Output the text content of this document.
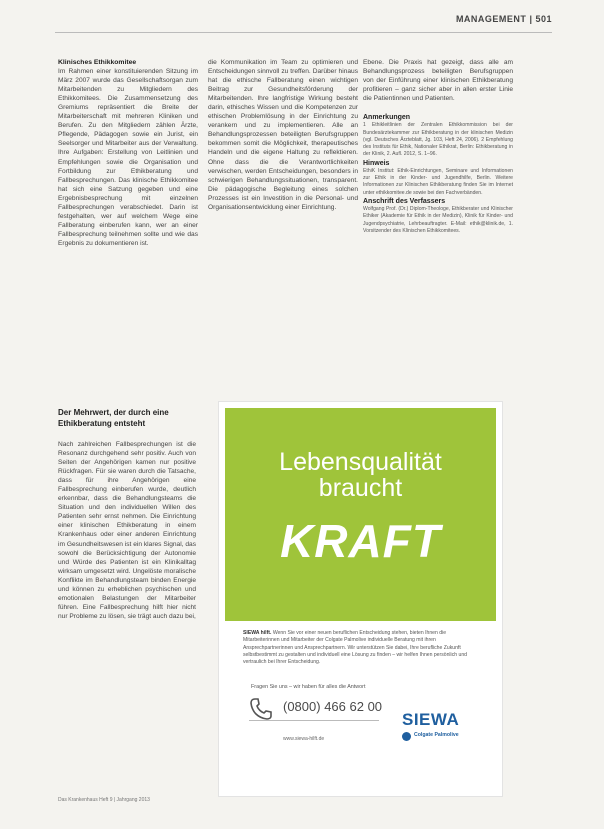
MANAGEMENT | 501

Klinisches Ethikkomitee

Im Rahmen einer konstituierenden Sitzung im März 2007 wurde das Gesellschaftsorgan zum Mitarbeitenden zu Mitgliedern des Ethikkomitees. Die Zusammensetzung des Gremiums repräsentiert die Breite der Mitarbeiterschaft mit mehreren Kliniken und Berufen. Zu den Mitgliedern zählen Ärzte, Pflegende, Pädagogen sowie ein Jurist, ein Seelsorger und Mitarbeiter aus der Verwaltung. Ihre Aufgaben: Erstellung von Leitlinien und Empfehlungen sowie die Organisation und Fortbildung zur Ethikberatung und Fallbesprechungen. Das klinische Ethikkomitee hat sich eine Satzung gegeben und eine Ergebnisbesprechung mit einzelnen Fallbesprechungen verabschiedet. Darin ist festgehalten, wer auf welchem Wege eine Fallberatung einberufen kann, wer an einer Fallbesprechung teilnehmen sollte und wie das Ergebnis zu dokumentieren ist.

die Kommunikation im Team zu optimieren und Entscheidungen sinnvoll zu treffen. Darüber hinaus hat die ethische Fallberatung einen wichtigen Beitrag zur Gesundheitsförderung der Mitarbeitenden. Ihre langfristige Wirkung besteht darin, ethisches Wissen und die Kompetenzen zur ethischen Problemlösung in der Einrichtung zu verankern und zu implementieren. Alle an Behandlungsprozessen beteiligten Berufsgruppen bekommen somit die Möglichkeit, therapeutisches Handeln und die eigene Haltung zu reflektieren. Ohne dass die die Verantwortlichkeiten verwischen, werden Entscheidungen, besonders in schwierigen Behandlungssituationen, transparent. Die pädagogische Begleitung eines solchen Prozesses ist ein Investition in die Personal- und Organisationsentwicklung einer Einrichtung.

Ebene. Die Praxis hat gezeigt, dass alle am Behandlungsprozess beteiligten Berufsgruppen von der Einführung einer klinischen Ethikberatung profitieren – ganz sicher aber in allen erster Linie die Patientinnen und Patienten.

Anmerkungen

1 Ethikleitlinien der Zentralen Ethikkommission bei der Bundesärztekammer zur Ethikberatung in der klinischen Medizin (vgl. Deutsches Ärzteblatt, Jg. 103, Heft 24, 2006). 2 Empfehlung des Instituts für Ethik, Nationaler Ethikrat, Berlin: Ethikberatung in der Klinik, 2. Aufl. 2012, S. 1–96.

Hinweis

EthiK Institut: Ethik-Einrichtungen, Seminare und Informationen zur Ethik in der Kinder- und Jugendhilfe, Berlin. Weitere Informationen zur Klinischen Ethikberatung finden Sie im Internet unter ethikkomitee.de sowie bei den Fachverbänden.

Anschrift des Verfassers

Wolfgang Prof. (Dr.) Diplom-Theologe, Ethikberater und Klinischer Ethiker (Akademie für Ethik in der Medizin), Klinik für Kinder- und Jugendpsychiatrie, Lehrbeauftragter. E-Mail: ethik@klinik.de, 1. Vorsitzender des Klinischen Ethikkomitees.

Der Mehrwert, der durch eine Ethikberatung entsteht

Nach zahlreichen Fallbesprechungen ist die Resonanz durchgehend sehr positiv. Auch von Seiten der Angehörigen kamen nur positive Rückfragen. Für sie waren durch die Tatsache, dass für ihre Angehörigen eine Fallbesprechung einberufen wurde, deutlich erkennbar, dass die Behandlungsteams die Situation und den individuellen Willen des Patienten sehr ernst nehmen. Die Einrichtung einer klinischen Ethikberatung in einem Krankenhaus oder einer anderen Einrichtung im Gesundheitswesen ist ein klares Signal, das sowohl die Berücksichtigung der Autonomie und Würde des Patienten ist ein Klinikalltag wirksam umgesetzt wird. Ungelöste moralische Konflikte im Behandlungsteam binden Energie und können zu erheblichen psychischen und emotionalen Belastungen der Mitarbeiter führen. Eine Fallbesprechung hilft hier nicht nur Probleme zu lösen, sie trägt auch dazu bei,

Das Krankenhaus Heft 9 | Jahrgang 2013
Lebensqualität
braucht
KRAFT
SIEWA hilft. Wenn Sie vor einer neuen beruflichen Entscheidung stehen, bieten Ihnen die Mitarbeiterinnen und Mitarbeiter der Colgate Palmolive individuelle Beratung mit ihren Ansprechpartnerinnen und Ansprechpartnern. Wir unterstützen Sie dabei, Ihre berufliche Zukunft selbstbestimmt zu gestalten und individuell eine Lösung zu finden – wir helfen Ihnen persönlich und vertraulich bei Ihrer Entscheidung.
Fragen Sie uns – wir haben für alles die Antwort
(0800) 466 62 00
www.siewa-hilft.de
SIEWA
Colgate Palmolive
